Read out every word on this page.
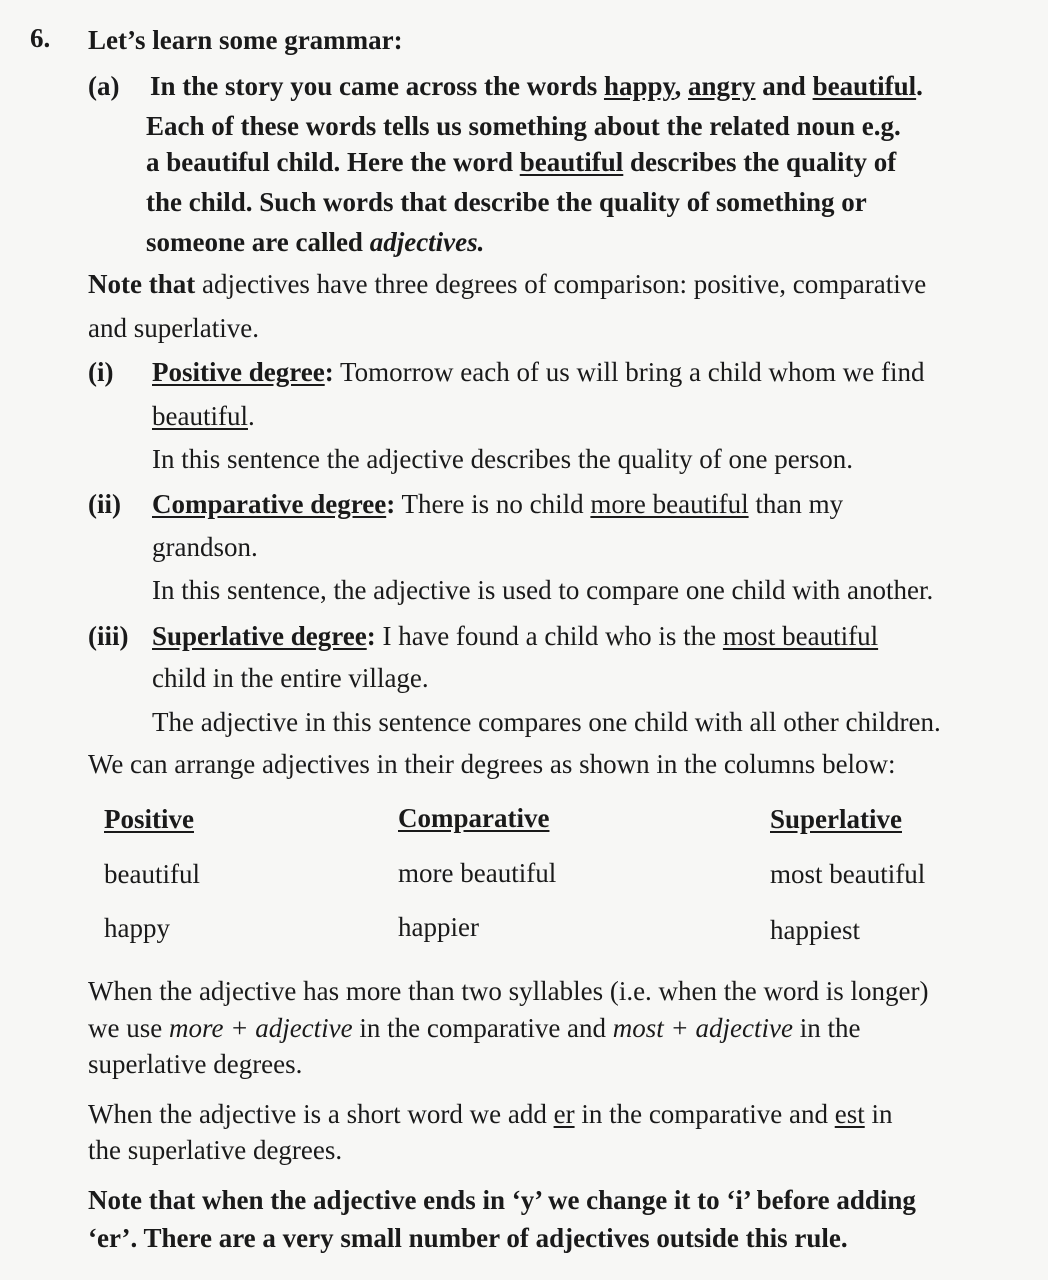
6. Let’s learn some grammar:
(a) In the story you came across the words happy, angry and beautiful.
Each of these words tells us something about the related noun e.g.
a beautiful child. Here the word beautiful describes the quality of
the child. Such words that describe the quality of something or
someone are called adjectives.
Note that adjectives have three degrees of comparison: positive, comparative
and superlative.
(i) Positive degree: Tomorrow each of us will bring a child whom we find
beautiful.
In this sentence the adjective describes the quality of one person.
(ii) Comparative degree: There is no child more beautiful than my
grandson.
In this sentence, the adjective is used to compare one child with another.
(iii) Superlative degree: I have found a child who is the most beautiful
child in the entire village.
The adjective in this sentence compares one child with all other children.
We can arrange adjectives in their degrees as shown in the columns below:
Positive	Comparative	Superlative
beautiful	more beautiful	most beautiful
happy	happier	happiest
When the adjective has more than two syllables (i.e. when the word is longer)
we use more + adjective in the comparative and most + adjective in the
superlative degrees.
When the adjective is a short word we add er in the comparative and est in
the superlative degrees.
Note that when the adjective ends in ‘y’ we change it to ‘i’ before adding
‘er’. There are a very small number of adjectives outside this rule.
